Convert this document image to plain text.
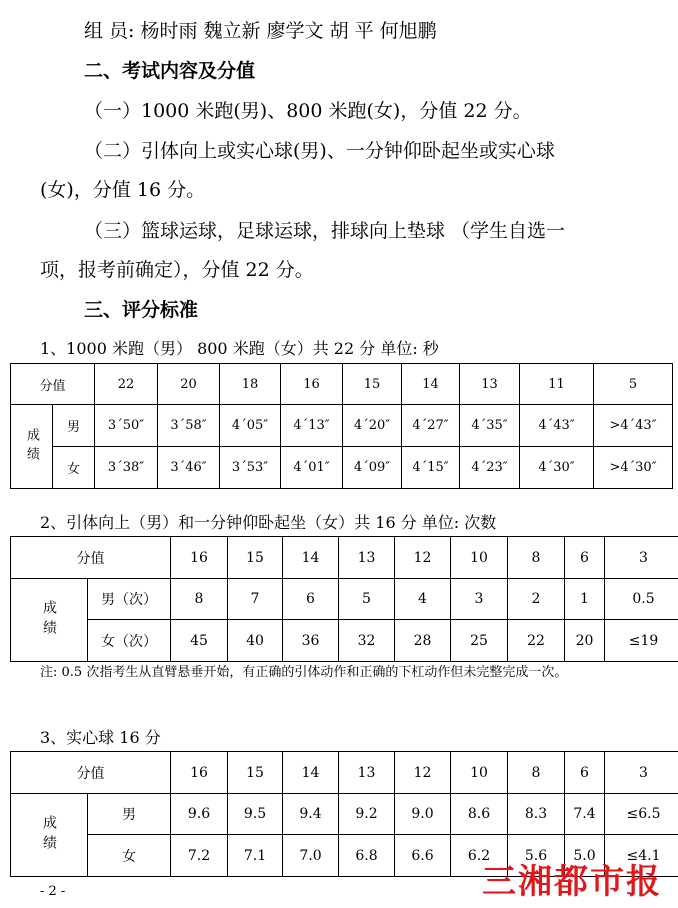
组 员: 杨时雨 魏立新 廖学文 胡 平 何旭鹏
二、考试内容及分值
（一）1000 米跑(男)、800 米跑(女)，分值 22 分。
（二）引体向上或实心球(男)、一分钟仰卧起坐或实心球
(女)，分值 16 分。
（三）篮球运球，足球运球，排球向上垫球 （学生自选一
项，报考前确定），分值 22 分。
三、评分标准
1、1000 米跑（男） 800 米跑（女）共 22 分 单位: 秒
分值		22	20	18	16	15	14	13	11	5
成绩	男	3´50″	3´58″	4´05″	4´13″	4´20″	4´27″	4´35″	4´43″	>4´43″
	女	3´38″	3´46″	3´53″	4´01″	4´09″	4´15″	4´23″	4´30″	>4´30″
2、引体向上（男）和一分钟仰卧起坐（女）共 16 分 单位: 次数
分值		16	15	14	13	12	10	8	6	3
成绩	男（次）	8	7	6	5	4	3	2	1	0.5
	女（次）	45	40	36	32	28	25	22	20	≤19
注: 0.5 次指考生从直臂悬垂开始，有正确的引体动作和正确的下杠动作但未完整完成一次。
3、实心球 16 分
分值		16	15	14	13	12	10	8	6	3
成绩	男	9.6	9.5	9.4	9.2	9.0	8.6	8.3	7.4	≤6.5
	女	7.2	7.1	7.0	6.8	6.6	6.2	5.6	5.0	≤4.1
- 2 -	三湘都市报
